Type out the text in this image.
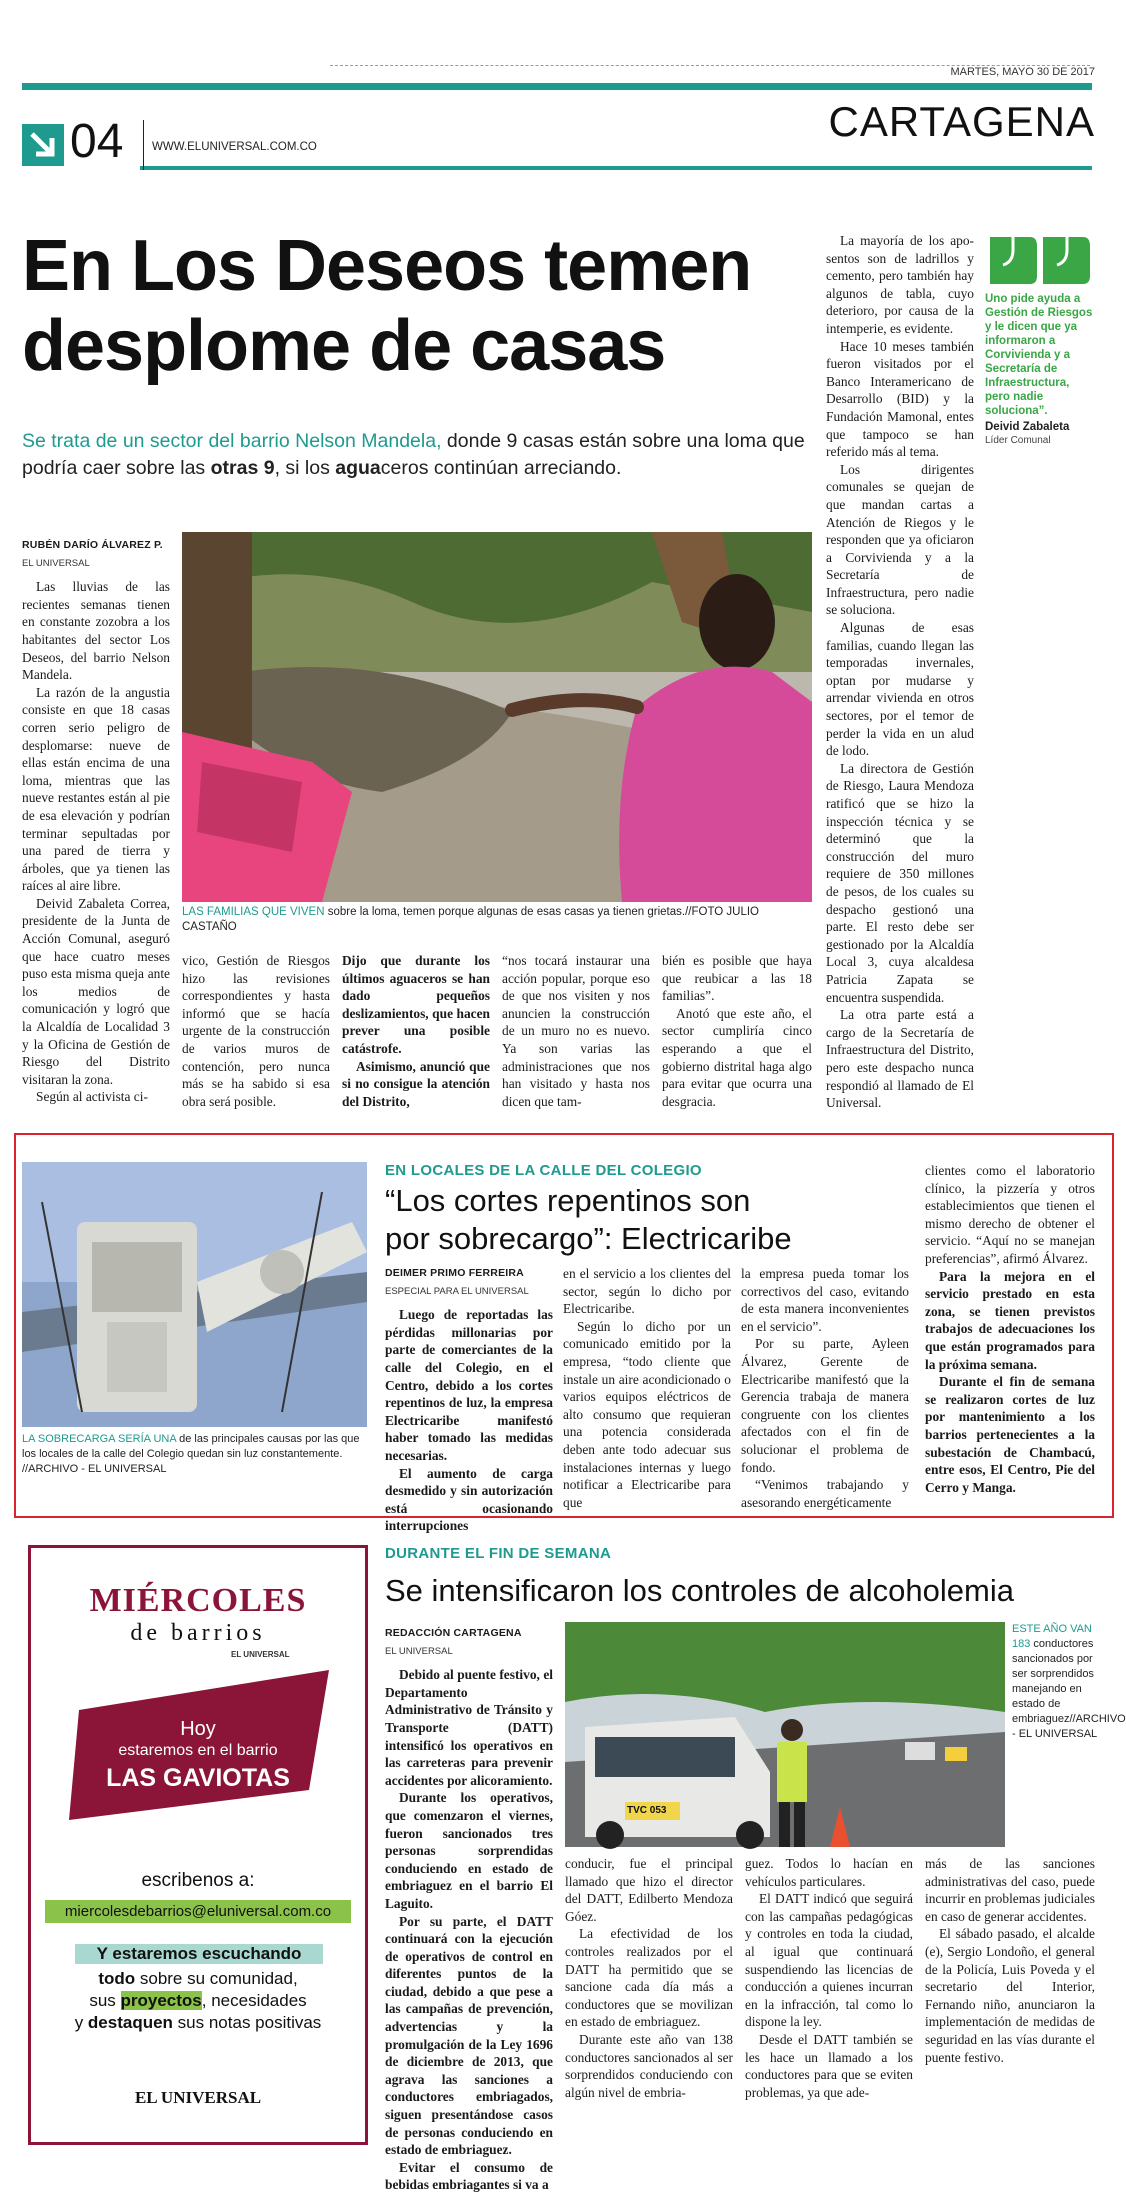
MARTES, MAYO 30 DE 2017
04 WWW.ELUNIVERSAL.COM.CO
CARTAGENA
En Los Deseos temen
desplome de casas
Se trata de un sector del barrio Nelson Mandela, donde 9 casas están sobre una loma que podría caer sobre las otras 9, si los aguaceros continúan arreciando.
RUBÉN DARÍO ÁLVAREZ P.
EL UNIVERSAL

Las lluvias de las recientes semanas tienen en constante zozobra a los habitantes del sector Los Deseos, del barrio Nelson Mandela.

La razón de la angustia consiste en que 18 casas corren serio peligro de desplomarse: nueve de ellas están encima de una loma, mientras que las nueve restantes están al pie de esa elevación y podrían terminar sepultadas por una pared de tierra y árboles, que ya tienen las raíces al aire libre.

Deivid Zabaleta Correa, presidente de la Junta de Acción Comunal, aseguró que hace cuatro meses puso esta misma queja ante los medios de comunicación y logró que la Alcaldía de Localidad 3 y la Oficina de Gestión de Riesgo del Distrito visitaran la zona.

Según al activista ci-

LAS FAMILIAS QUE VIVEN sobre la loma, temen porque algunas de esas casas ya tienen grietas.//FOTO JULIO CASTAÑO

vico, Gestión de Riesgos hizo las revisiones correspondientes y hasta informó que se hacía urgente de la construcción de varios muros de contención, pero nunca más se ha sabido si esa obra será posible.

Dijo que durante los últimos aguaceros se han dado pequeños deslizamientos, que hacen prever una posible catástrofe.

Asimismo, anunció que si no consigue la atención del Distrito,

“nos tocará instaurar una acción popular, porque eso de que nos visiten y nos anuncien la construcción de un muro no es nuevo. Ya son varias las administraciones que nos han visitado y hasta nos dicen que tam-

bién es posible que haya que reubicar a las 18 familias”.

Anotó que este año, el sector cumpliría cinco esperando a que el gobierno distrital haga algo para evitar que ocurra una desgracia.

La mayoría de los apo-sentos son de ladrillos y cemento, pero también hay algunos de tabla, cuyo deterioro, por causa de la intemperie, es evidente.

Hace 10 meses también fueron visitados por el Banco Interamericano de Desarrollo (BID) y la Fundación Mamonal, entes que tampoco se han referido más al tema.

Los dirigentes comunales se quejan de que mandan cartas a Atención de Riegos y le responden que ya oficiaron a Corvivienda y a la Secretaría de Infraestructura, pero nadie se soluciona.

Algunas de esas familias, cuando llegan las temporadas invernales, optan por mudarse y arrendar vivienda en otros sectores, por el temor de perder la vida en un alud de lodo.

La directora de Gestión de Riesgo, Laura Mendoza ratificó que se hizo la inspección técnica y se determinó que la construcción del muro requiere de 350 millones de pesos, de los cuales su despacho gestionó una parte. El resto debe ser gestionado por la Alcaldía Local 3, cuya alcaldesa Patricia Zapata se encuentra suspendida.

La otra parte está a cargo de la Secretaría de Infraestructura del Distrito, pero este despacho nunca respondió al llamado de El Universal.

Uno pide ayuda a Gestión de Riesgos y le dicen que ya informaron a Corvivienda y a Secretaría de Infraestructura, pero nadie soluciona”.
Deivid Zabaleta
Líder Comunal
LA SOBRECARGA SERÍA UNA de las principales causas por las que los locales de la calle del Colegio quedan sin luz constantemente. //ARCHIVO - EL UNIVERSAL
EN LOCALES DE LA CALLE DEL COLEGIO
“Los cortes repentinos son
por sobrecargo”: Electricaribe
DEIMER PRIMO FERREIRA
ESPECIAL PARA EL UNIVERSAL

Luego de reportadas las pérdidas millonarias por parte de comerciantes de la calle del Colegio, en el Centro, debido a los cortes repentinos de luz, la empresa Electricaribe manifestó haber tomado las medidas necesarias.

El aumento de carga desmedido y sin autorización está ocasionando interrupciones

en el servicio a los clientes del sector, según lo dicho por Electricaribe.

Según lo dicho por un comunicado emitido por la empresa, “todo cliente que instale un aire acondicionado o varios equipos eléctricos de alto consumo que requieran una potencia considerada deben ante todo adecuar sus instalaciones internas y luego notificar a Electricaribe para que

la empresa pueda tomar los correctivos del caso, evitando de esta manera inconvenientes en el servicio”.

Por su parte, Ayleen Álvarez, Gerente de Electricaribe manifestó que la Gerencia trabaja de manera congruente con los clientes afectados con el fin de solucionar el problema de fondo.

“Venimos trabajando y asesorando energéticamente

clientes como el laboratorio clínico, la pizzería y otros establecimientos que tienen el mismo derecho de obtener el servicio. “Aquí no se manejan preferencias”, afirmó Álvarez.

Para la mejora en el servicio prestado en esta zona, se tienen previstos trabajos de adecuaciones los que están programados para la próxima semana.

Durante el fin de semana se realizaron cortes de luz por mantenimiento a los barrios pertenecientes a la subestación de Chambacú, entre esos, El Centro, Pie del Cerro y Manga.

MIÉRCOLES
de barrios
EL UNIVERSAL
Hoy
estaremos en el barrio
LAS GAVIOTAS
escribenos a:
miercolesdebarrios@eluniversal.com.co
Y estaremos escuchando
todo sobre su comunidad,
sus proyectos, necesidades
y destaquen sus notas positivas
EL UNIVERSAL
DURANTE EL FIN DE SEMANA
Se intensificaron los controles de alcoholemia
REDACCIÓN CARTAGENA
EL UNIVERSAL

Debido al puente festivo, el Departamento Administrativo de Tránsito y Transporte (DATT) intensificó los operativos en las carreteras para prevenir accidentes por alicoramiento.

Durante los operativos, que comenzaron el viernes, fueron sancionados tres personas sorprendidas conduciendo en estado de embriaguez en el barrio El Laguito.

Por su parte, el DATT continuará con la ejecución de operativos de control en diferentes puntos de la ciudad, debido a que pese a las campañas de prevención, advertencias y la promulgación de la Ley 1696 de diciembre de 2013, que agrava las sanciones a conductores embriagados, siguen presentándose casos de personas conduciendo en estado de embriaguez.

Evitar el consumo de bebidas embriagantes si va a

TVC 053
ESTE AÑO VAN 183 conductores sancionados por ser sorprendidos manejando en estado de embriaguez//ARCHIVO - EL UNIVERSAL

conducir, fue el principal llamado que hizo el director del DATT, Edilberto Mendoza Góez.

La efectividad de los controles realizados por el DATT ha permitido que se sancione cada día más a conductores que se movilizan en estado de embriaguez.

Durante este año van 138 conductores sancionados al ser sorprendidos conduciendo con algún nivel de embria-

guez. Todos lo hacían en vehículos particulares.

El DATT indicó que seguirá con las campañas pedagógicas y controles en toda la ciudad, al igual que continuará suspendiendo las licencias de conducción a quienes incurran en la infracción, tal como lo dispone la ley.

Desde el DATT también se les hace un llamado a los conductores para que se eviten problemas, ya que ade-

más de las sanciones administrativas del caso, puede incurrir en problemas judiciales en caso de generar accidentes.

El sábado pasado, el alcalde (e), Sergio Londoño, el general de la Policía, Luis Poveda y el secretario del Interior, Fernando niño, anunciaron la implementación de medidas de seguridad en las vías durante el puente festivo.
